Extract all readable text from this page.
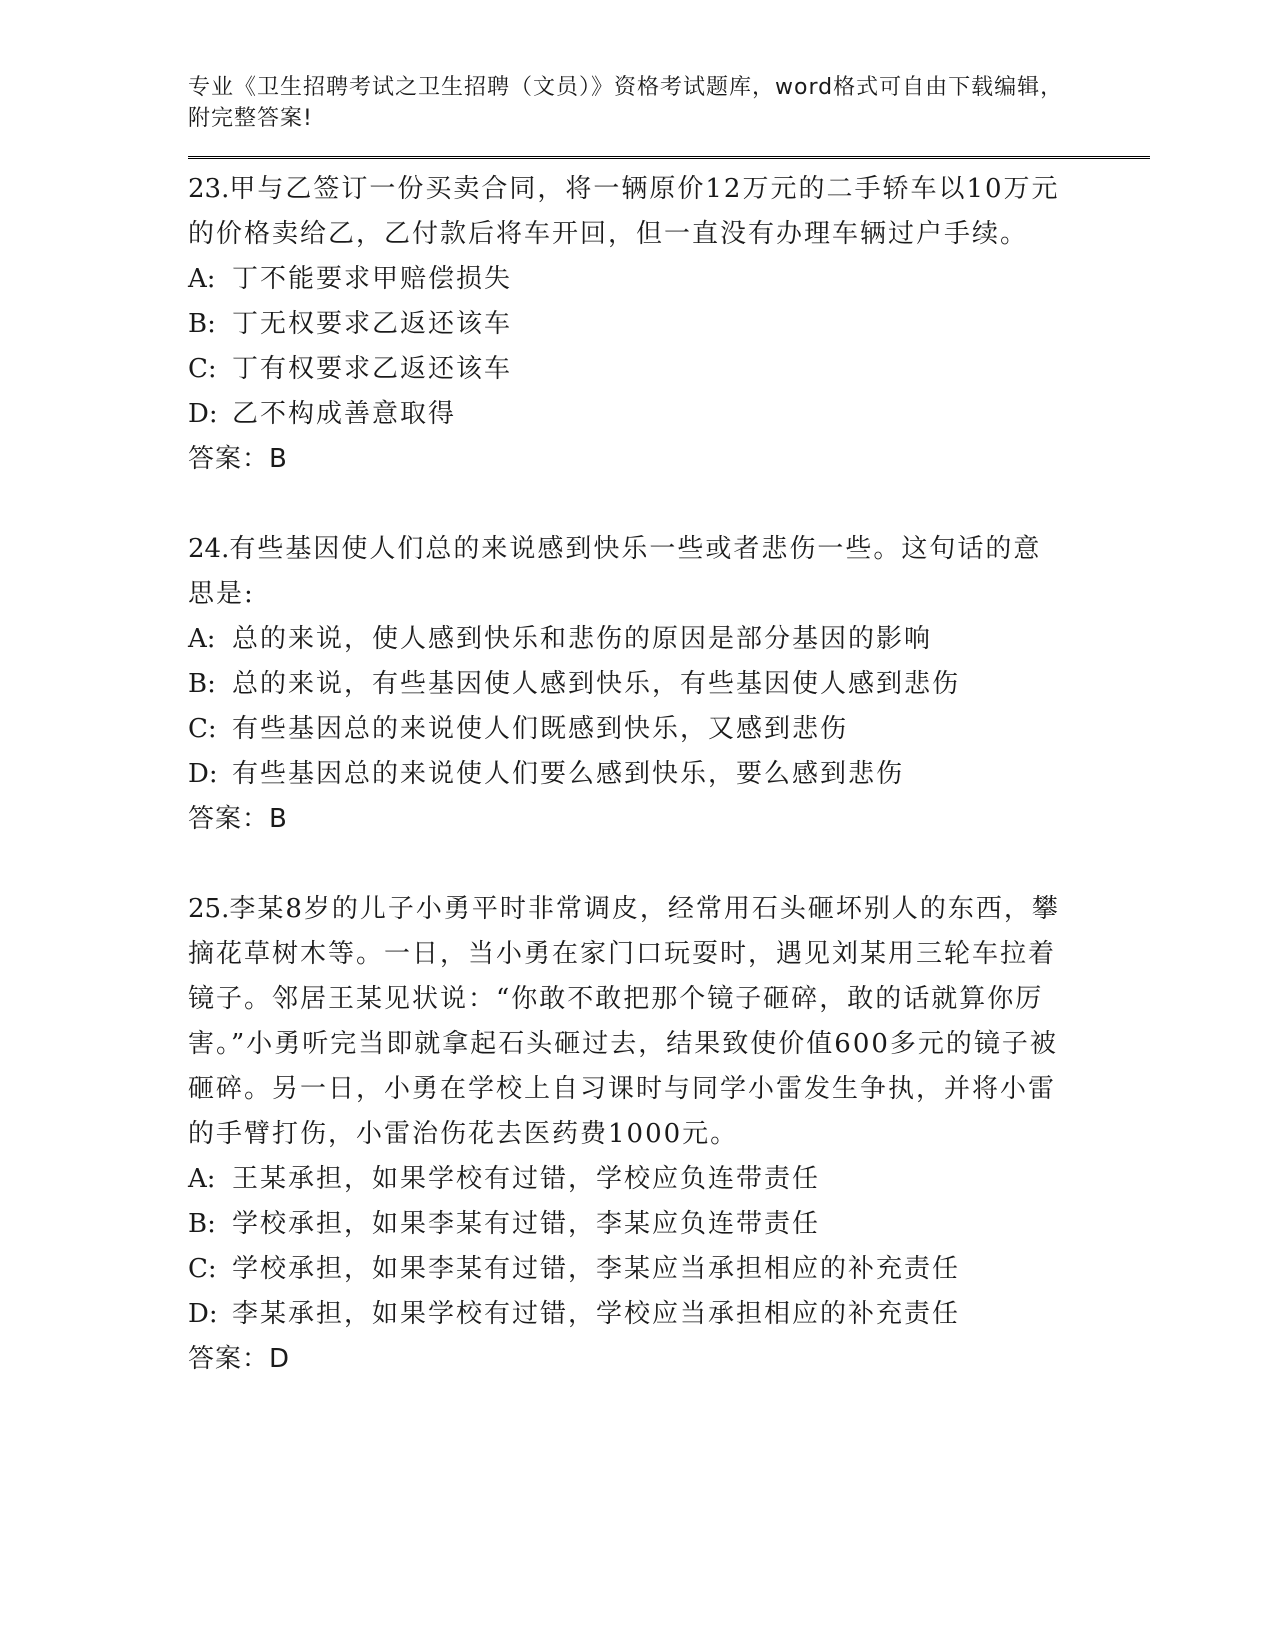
专业《卫生招聘考试之卫生招聘（文员）》资格考试题库，word格式可自由下载编辑，附完整答案!

23.甲与乙签订一份买卖合同，将一辆原价12万元的二手轿车以10万元的价格卖给乙，乙付款后将车开回，但一直没有办理车辆过户手续。

A: 丁不能要求甲赔偿损失
B: 丁无权要求乙返还该车
C: 丁有权要求乙返还该车
D: 乙不构成善意取得
答案：B

24.有些基因使人们总的来说感到快乐一些或者悲伤一些。这句话的意思是:

A: 总的来说，使人感到快乐和悲伤的原因是部分基因的影响
B: 总的来说，有些基因使人感到快乐，有些基因使人感到悲伤
C: 有些基因总的来说使人们既感到快乐，又感到悲伤
D: 有些基因总的来说使人们要么感到快乐，要么感到悲伤
答案：B

25.李某8岁的儿子小勇平时非常调皮，经常用石头砸坏别人的东西，攀摘花草树木等。一日，当小勇在家门口玩耍时，遇见刘某用三轮车拉着镜子。邻居王某见状说：“你敢不敢把那个镜子砸碎，敢的话就算你厉害。”小勇听完当即就拿起石头砸过去，结果致使价值600多元的镜子被砸碎。另一日，小勇在学校上自习课时与同学小雷发生争执，并将小雷的手臂打伤，小雷治伤花去医药费1000元。

A: 王某承担，如果学校有过错，学校应负连带责任
B: 学校承担，如果李某有过错，李某应负连带责任
C: 学校承担，如果李某有过错，李某应当承担相应的补充责任
D: 李某承担，如果学校有过错，学校应当承担相应的补充责任
答案：D
